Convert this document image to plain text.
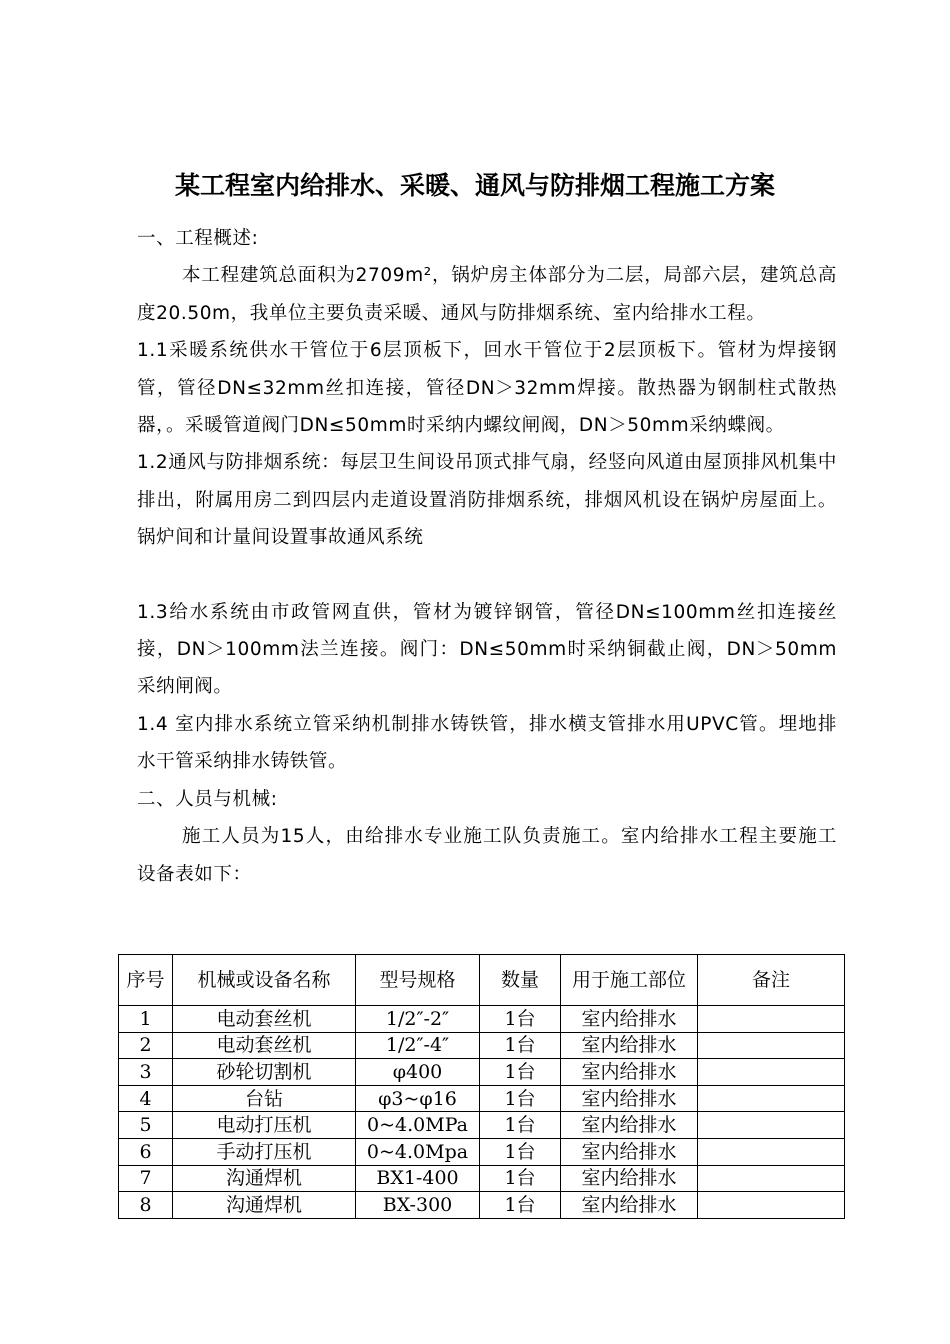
某工程室内给排水、采暖、通风与防排烟工程施工方案

一、工程概述:

本工程建筑总面积为2709m²，锅炉房主体部分为二层，局部六层，建筑总高度20.50m，我单位主要负责采暖、通风与防排烟系统、室内给排水工程。

1.1采暖系统供水干管位于6层顶板下，回水干管位于2层顶板下。管材为焊接钢管，管径DN≤32mm丝扣连接，管径DN＞32mm焊接。散热器为钢制柱式散热器，。采暖管道阀门DN≤50mm时采纳内螺纹闸阀，DN＞50mm采纳蝶阀。

1.2通风与防排烟系统：每层卫生间设吊顶式排气扇，经竖向风道由屋顶排风机集中排出，附属用房二到四层内走道设置消防排烟系统，排烟风机设在锅炉房屋面上。锅炉间和计量间设置事故通风系统

1.3给水系统由市政管网直供，管材为镀锌钢管，管径DN≤100mm丝扣连接丝接，DN＞100mm法兰连接。阀门：DN≤50mm时采纳铜截止阀，DN＞50mm采纳闸阀。

1.4 室内排水系统立管采纳机制排水铸铁管，排水横支管排水用UPVC管。埋地排水干管采纳排水铸铁管。

二、人员与机械:

施工人员为15人，由给排水专业施工队负责施工。室内给排水工程主要施工设备表如下：

序号	机械或设备名称	型号规格	数量	用于施工部位	备注
1	电动套丝机	1/2″-2″	1台	室内给排水	
2	电动套丝机	1/2″-4″	1台	室内给排水	
3	砂轮切割机	φ400	1台	室内给排水	
4	台钻	φ3~φ16	1台	室内给排水	
5	电动打压机	0~4.0MPa	1台	室内给排水	
6	手动打压机	0~4.0Mpa	1台	室内给排水	
7	沟通焊机	BX1-400	1台	室内给排水	
8	沟通焊机	BX-300	1台	室内给排水	
